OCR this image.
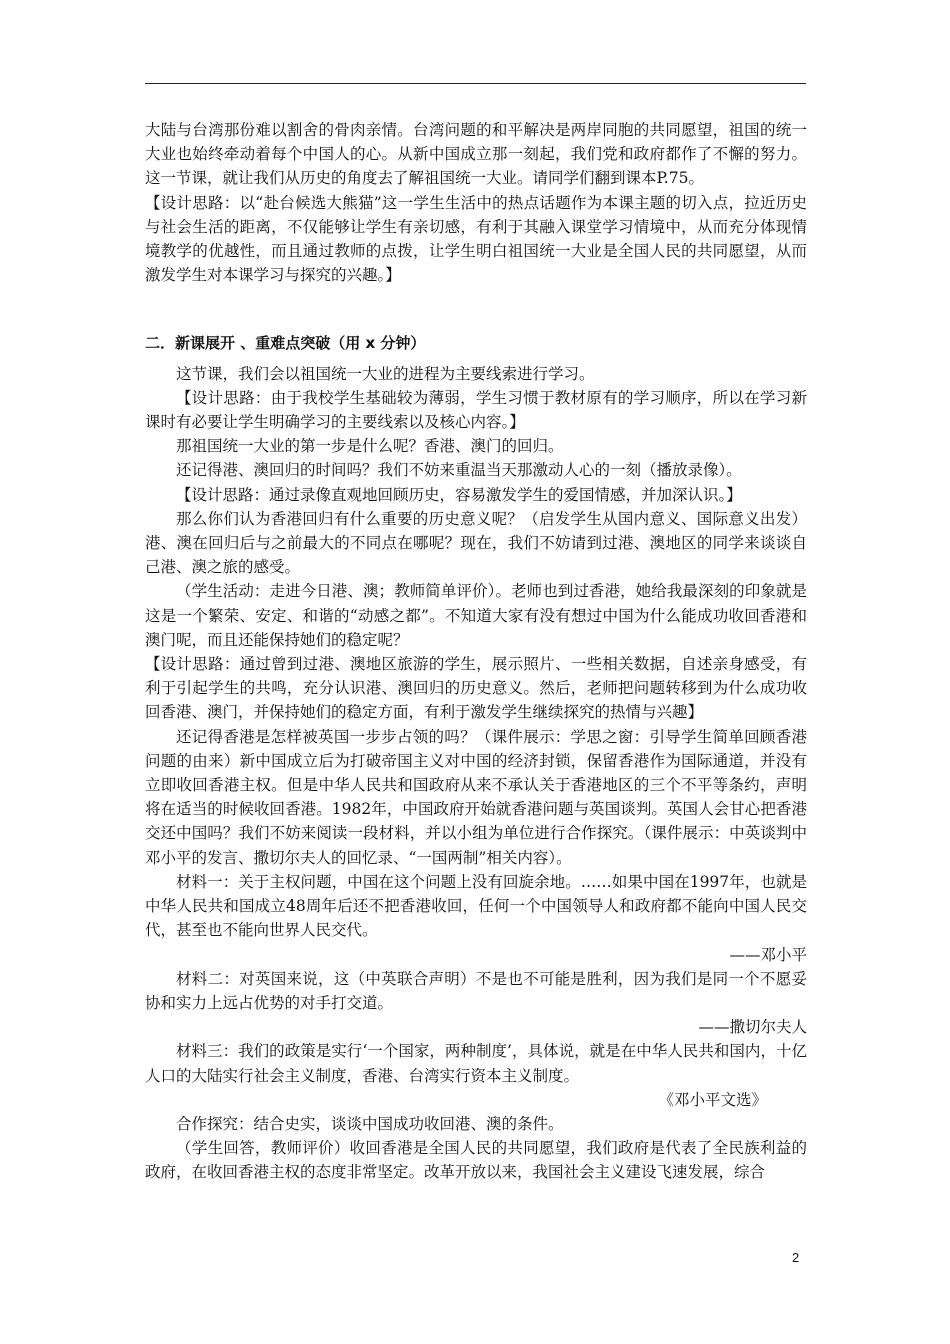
大陆与台湾那份难以割舍的骨肉亲情。台湾问题的和平解决是两岸同胞的共同愿望，祖国的统一大业也始终牵动着每个中国人的心。从新中国成立那一刻起，我们党和政府都作了不懈的努力。这一节课，就让我们从历史的角度去了解祖国统一大业。请同学们翻到课本P.75。

【设计思路：以“赴台候选大熊猫”这一学生生活中的热点话题作为本课主题的切入点，拉近历史与社会生活的距离，不仅能够让学生有亲切感，有利于其融入课堂学习情境中，从而充分体现情境教学的优越性，而且通过教师的点拨，让学生明白祖国统一大业是全国人民的共同愿望，从而激发学生对本课学习与探究的兴趣。】

二．新课展开 、重难点突破（用 x 分钟）

这节课，我们会以祖国统一大业的进程为主要线索进行学习。

【设计思路：由于我校学生基础较为薄弱，学生习惯于教材原有的学习顺序，所以在学习新课时有必要让学生明确学习的主要线索以及核心内容。】

那祖国统一大业的第一步是什么呢？香港、澳门的回归。

还记得港、澳回归的时间吗？我们不妨来重温当天那激动人心的一刻（播放录像）。

【设计思路：通过录像直观地回顾历史，容易激发学生的爱国情感，并加深认识。】

那么你们认为香港回归有什么重要的历史意义呢？（启发学生从国内意义、国际意义出发）港、澳在回归后与之前最大的不同点在哪呢？现在，我们不妨请到过港、澳地区的同学来谈谈自己港、澳之旅的感受。

（学生活动：走进今日港、澳；教师简单评价）。老师也到过香港，她给我最深刻的印象就是这是一个繁荣、安定、和谐的“动感之都”。不知道大家有没有想过中国为什么能成功收回香港和澳门呢，而且还能保持她们的稳定呢？

【设计思路：通过曾到过港、澳地区旅游的学生，展示照片、一些相关数据，自述亲身感受，有利于引起学生的共鸣，充分认识港、澳回归的历史意义。然后，老师把问题转移到为什么成功收回香港、澳门，并保持她们的稳定方面，有利于激发学生继续探究的热情与兴趣】

还记得香港是怎样被英国一步步占领的吗？（课件展示：学思之窗：引导学生简单回顾香港问题的由来）新中国成立后为打破帝国主义对中国的经济封锁，保留香港作为国际通道，并没有立即收回香港主权。但是中华人民共和国政府从来不承认关于香港地区的三个不平等条约，声明将在适当的时候收回香港。1982年，中国政府开始就香港问题与英国谈判。英国人会甘心把香港交还中国吗？我们不妨来阅读一段材料，并以小组为单位进行合作探究。（课件展示：中英谈判中邓小平的发言、撒切尔夫人的回忆录、“一国两制”相关内容）。

材料一：关于主权问题，中国在这个问题上没有回旋余地。……如果中国在1997年，也就是中华人民共和国成立48周年后还不把香港收回，任何一个中国领导人和政府都不能向中国人民交代，甚至也不能向世界人民交代。

——邓小平

材料二：对英国来说，这（中英联合声明）不是也不可能是胜利，因为我们是同一个不愿妥协和实力上远占优势的对手打交道。

——撒切尔夫人

材料三：我们的政策是实行‘一个国家，两种制度’，具体说，就是在中华人民共和国内，十亿人口的大陆实行社会主义制度，香港、台湾实行资本主义制度。

《邓小平文选》

合作探究：结合史实，谈谈中国成功收回港、澳的条件。

（学生回答，教师评价）收回香港是全国人民的共同愿望，我们政府是代表了全民族利益的政府，在收回香港主权的态度非常坚定。改革开放以来，我国社会主义建设飞速发展，综合

2
